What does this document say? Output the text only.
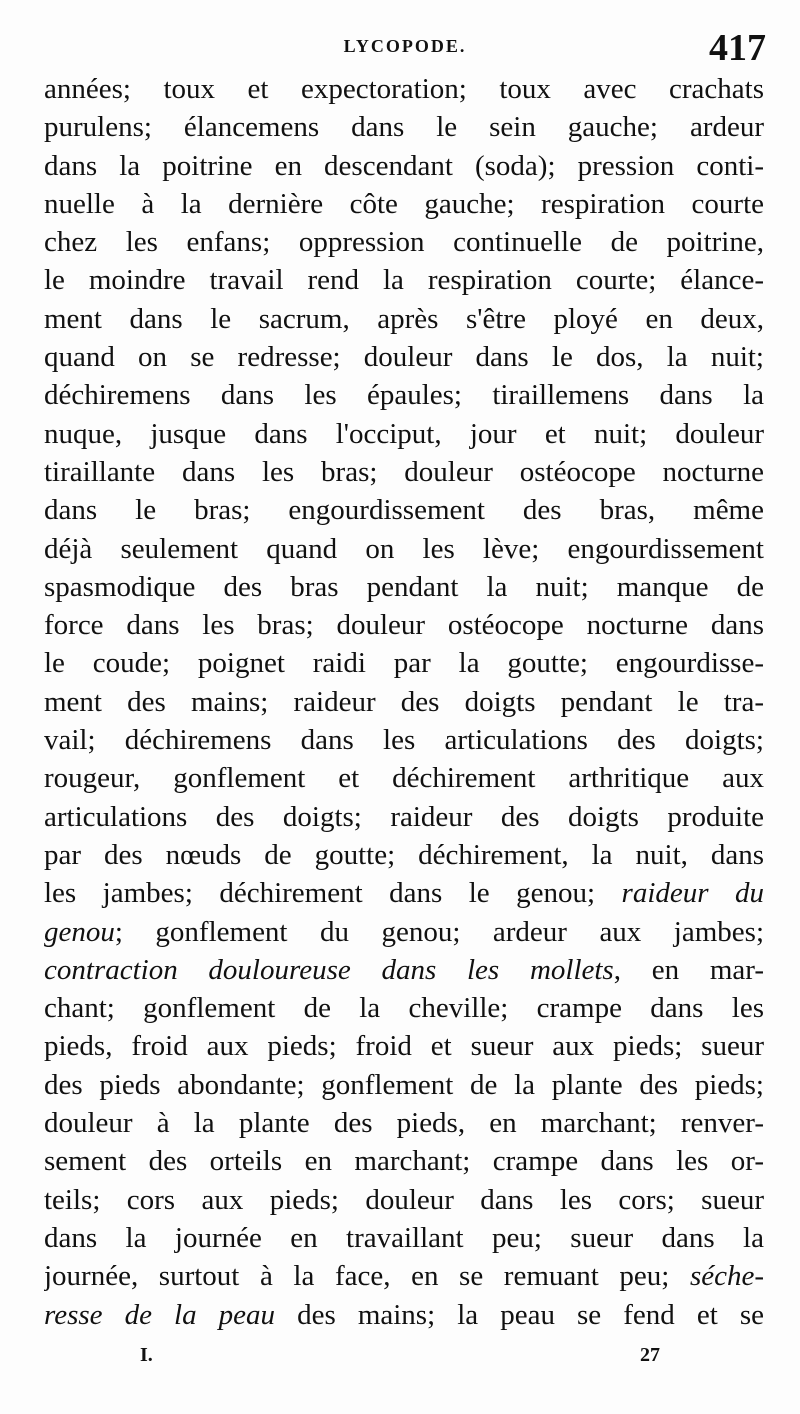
LYCOPODE.	417
années; toux et expectoration; toux avec crachats
purulens; élancemens dans le sein gauche; ardeur
dans la poitrine en descendant (soda); pression conti-
nuelle à la dernière côte gauche; respiration courte
chez les enfans; oppression continuelle de poitrine,
le moindre travail rend la respiration courte; élance-
ment dans le sacrum, après s'être ployé en deux,
quand on se redresse; douleur dans le dos, la nuit;
déchiremens dans les épaules; tiraillemens dans la
nuque, jusque dans l'occiput, jour et nuit; douleur
tiraillante dans les bras; douleur ostéocope nocturne
dans le bras; engourdissement des bras, même
déjà seulement quand on les lève; engourdissement
spasmodique des bras pendant la nuit; manque de
force dans les bras; douleur ostéocope nocturne dans
le coude; poignet raidi par la goutte; engourdisse-
ment des mains; raideur des doigts pendant le tra-
vail; déchiremens dans les articulations des doigts;
rougeur, gonflement et déchirement arthritique aux
articulations des doigts; raideur des doigts produite
par des nœuds de goutte; déchirement, la nuit, dans
les jambes; déchirement dans le genou; raideur du
genou; gonflement du genou; ardeur aux jambes;
contraction douloureuse dans les mollets, en mar-
chant; gonflement de la cheville; crampe dans les
pieds, froid aux pieds; froid et sueur aux pieds; sueur
des pieds abondante; gonflement de la plante des pieds;
douleur à la plante des pieds, en marchant; renver-
sement des orteils en marchant; crampe dans les or-
teils; cors aux pieds; douleur dans les cors; sueur
dans la journée en travaillant peu; sueur dans la
journée, surtout à la face, en se remuant peu; séche-
resse de la peau des mains; la peau se fend et se
I.	27
